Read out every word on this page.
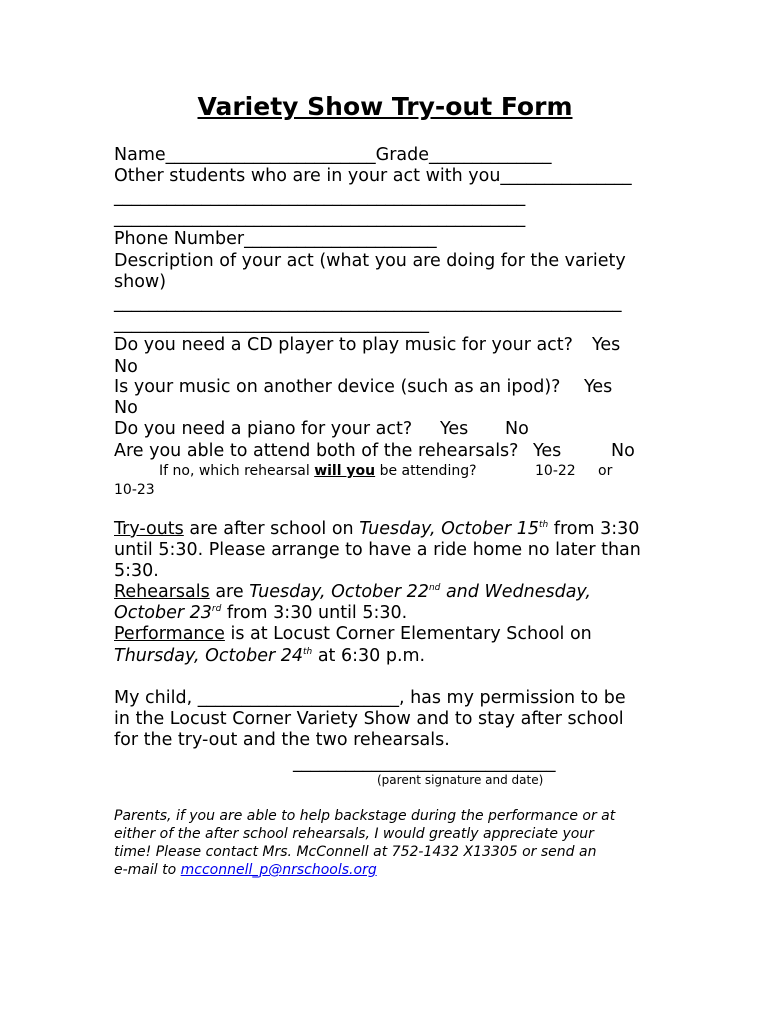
Variety Show Try-out Form
Name________________________Grade______________
Other students who are in your act with you_______________
_______________________________________________
_______________________________________________
Phone Number______________________
Description of your act (what you are doing for the variety
show)
__________________________________________________________
____________________________________
Do you need a CD player to play music for your act? Yes
No
Is your music on another device (such as an ipod)? Yes
No
Do you need a piano for your act? Yes No
Are you able to attend both of the rehearsals? Yes	No
If no, which rehearsal will you be attending?	10-22 or
10-23
Try-outs are after school on Tuesday, October 15th from 3:30
until 5:30. Please arrange to have a ride home no later than
5:30.
Rehearsals are Tuesday, October 22nd and Wednesday,
October 23rd from 3:30 until 5:30.
Performance is at Locust Corner Elementary School on
Thursday, October 24th at 6:30 p.m.
My child, _______________________, has my permission to be
in the Locust Corner Variety Show and to stay after school
for the try-out and the two rehearsals.
______________________________
(parent signature and date)
Parents, if you are able to help backstage during the performance or at
either of the after school rehearsals, I would greatly appreciate your
time! Please contact Mrs. McConnell at 752-1432 X13305 or send an
e-mail to mcconnell_p@nrschools.org
